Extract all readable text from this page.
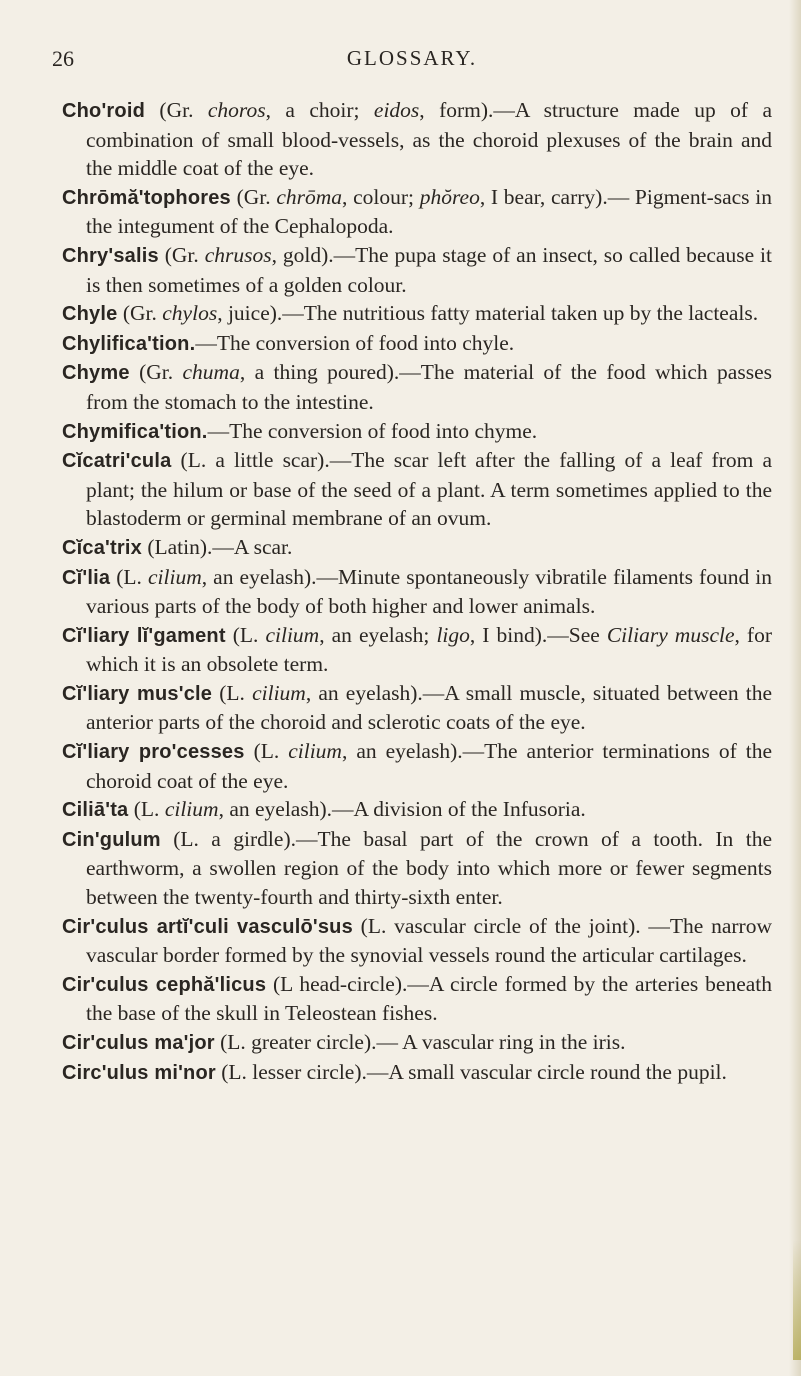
26	GLOSSARY.

Cho'roid (Gr. choros, a choir; eidos, form).—A structure made up of a combination of small blood-vessels, as the choroid plexuses of the brain and the middle coat of the eye.

Chrōmă'tophores (Gr. chrōma, colour; phŏreo, I bear, carry).— Pigment-sacs in the integument of the Cephalopoda.

Chry'salis (Gr. chrusos, gold).—The pupa stage of an insect, so called because it is then sometimes of a golden colour.

Chyle (Gr. chylos, juice).—The nutritious fatty material taken up by the lacteals.

Chylifica'tion.—The conversion of food into chyle.

Chyme (Gr. chuma, a thing poured).—The material of the food which passes from the stomach to the intestine.

Chymifica'tion.—The conversion of food into chyme.

Cĭcatri'cula (L. a little scar).—The scar left after the falling of a leaf from a plant; the hilum or base of the seed of a plant. A term sometimes applied to the blastoderm or germinal membrane of an ovum.

Cĭca'trix (Latin).—A scar.

Cĭ'lia (L. cilium, an eyelash).—Minute spontaneously vibratile filaments found in various parts of the body of both higher and lower animals.

Cĭ'liary lĭ'gament (L. cilium, an eyelash; ligo, I bind).—See Ciliary muscle, for which it is an obsolete term.

Cĭ'liary mus'cle (L. cilium, an eyelash).—A small muscle, situated between the anterior parts of the choroid and sclerotic coats of the eye.

Cĭ'liary pro'cesses (L. cilium, an eyelash).—The anterior terminations of the choroid coat of the eye.

Ciliā'ta (L. cilium, an eyelash).—A division of the Infusoria.

Cin'gulum (L. a girdle).—The basal part of the crown of a tooth. In the earthworm, a swollen region of the body into which more or fewer segments between the twenty-fourth and thirty-sixth enter.

Cir'culus artĭ'culi vasculō'sus (L. vascular circle of the joint). —The narrow vascular border formed by the synovial vessels round the articular cartilages.

Cir'culus cephă'licus (L head-circle).—A circle formed by the arteries beneath the base of the skull in Teleostean fishes.

Cir'culus ma'jor (L. greater circle).— A vascular ring in the iris.

Circ'ulus mi'nor (L. lesser circle).—A small vascular circle round the pupil.
